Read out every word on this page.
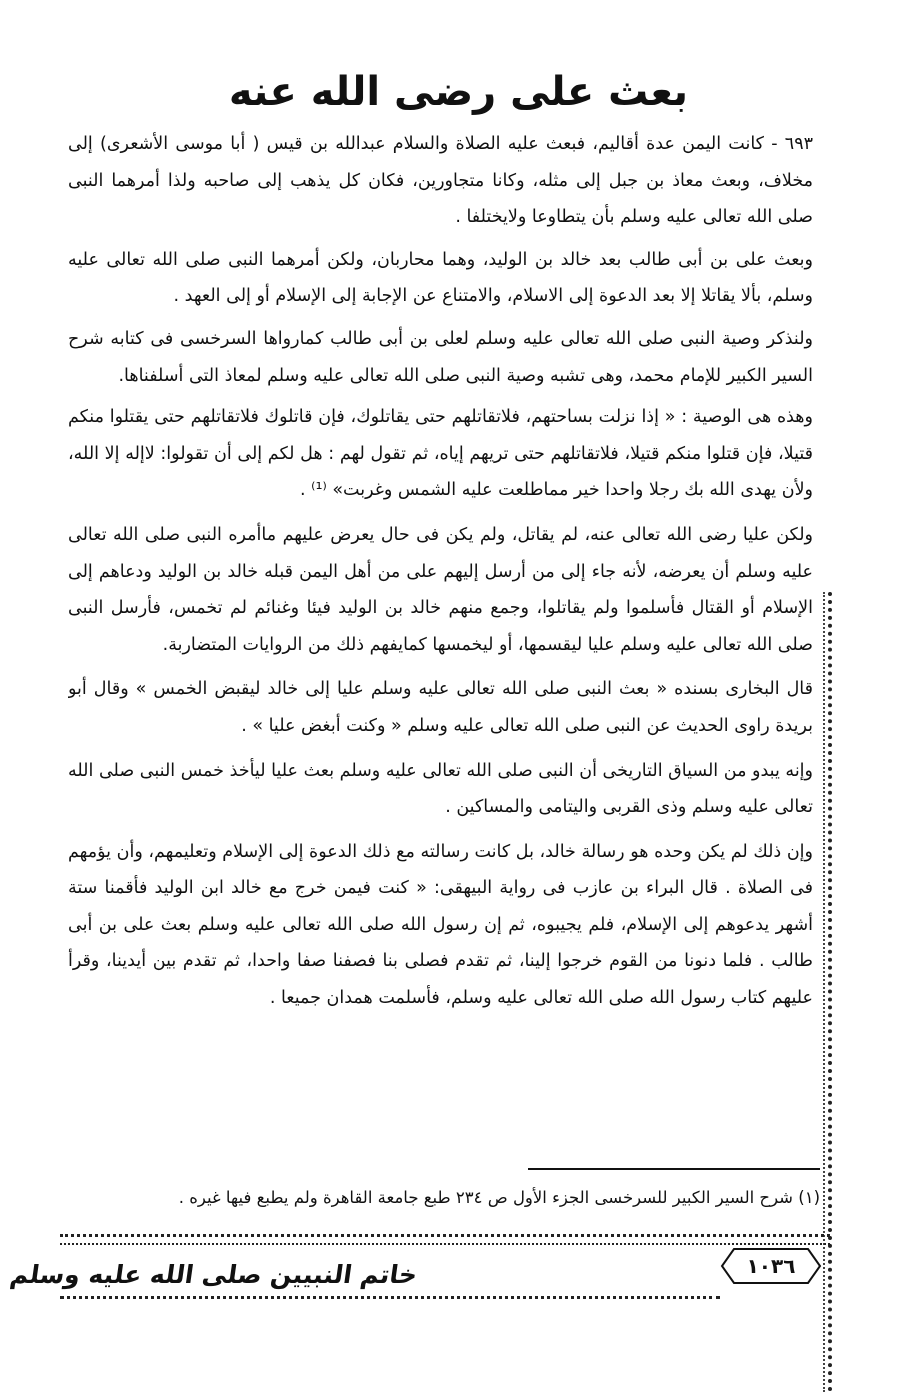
بعث على رضى الله عنه

٦٩٣ - كانت اليمن عدة أقاليم، فبعث عليه الصلاة والسلام عبدالله بن قيس ( أبا موسى الأشعرى) إلى مخلاف، وبعث معاذ بن جبل إلى مثله، وكانا متجاورين، فكان كل يذهب إلى صاحبه ولذا أمرهما النبى صلى الله تعالى عليه وسلم بأن يتطاوعا ولايختلفا .

وبعث على بن أبى طالب بعد خالد بن الوليد، وهما محاربان، ولكن أمرهما النبى صلى الله تعالى عليه وسلم، بألا يقاتلا إلا بعد الدعوة إلى الاسلام، والامتناع عن الإجابة إلى الإسلام أو إلى العهد .

ولنذكر وصية النبى صلى الله تعالى عليه وسلم لعلى بن أبى طالب كمارواها السرخسى فى كتابه شرح السير الكبير للإمام محمد، وهى تشبه وصية النبى صلى الله تعالى عليه وسلم لمعاذ التى أسلفناها.

وهذه هى الوصية : « إذا نزلت بساحتهم، فلاتقاتلهم حتى يقاتلوك، فإن قاتلوك فلاتقاتلهم حتى يقتلوا منكم قتيلا، فإن قتلوا منكم قتيلا، فلاتقاتلهم حتى تريهم إياه، ثم تقول لهم : هل لكم إلى أن تقولوا: لاإله إلا الله، ولأن يهدى الله بك رجلا واحدا خير مماطلعت عليه الشمس وغربت» ⁽¹⁾ .

ولكن عليا رضى الله تعالى عنه، لم يقاتل، ولم يكن فى حال يعرض عليهم ماأمره النبى صلى الله تعالى عليه وسلم أن يعرضه، لأنه جاء إلى من أرسل إليهم على من أهل اليمن قبله خالد بن الوليد ودعاهم إلى الإسلام أو القتال فأسلموا ولم يقاتلوا، وجمع منهم خالد بن الوليد فيئا وغنائم لم تخمس، فأرسل النبى صلى الله تعالى عليه وسلم عليا ليقسمها، أو ليخمسها كمايفهم ذلك من الروايات المتضاربة.

قال البخارى بسنده « بعث النبى صلى الله تعالى عليه وسلم عليا إلى خالد ليقبض الخمس » وقال أبو بريدة راوى الحديث عن النبى صلى الله تعالى عليه وسلم « وكنت أبغض عليا » .

وإنه يبدو من السياق التاريخى أن النبى صلى الله تعالى عليه وسلم بعث عليا ليأخذ خمس النبى صلى الله تعالى عليه وسلم وذى القربى واليتامى والمساكين .

وإن ذلك لم يكن وحده هو رسالة خالد، بل كانت رسالته مع ذلك الدعوة إلى الإسلام وتعليمهم، وأن يؤمهم فى الصلاة . قال البراء بن عازب فى رواية البيهقى: « كنت فيمن خرج مع خالد ابن الوليد فأقمنا ستة أشهر يدعوهم إلى الإسلام، فلم يجيبوه، ثم إن رسول الله صلى الله تعالى عليه وسلم بعث على بن أبى طالب . فلما دنونا من القوم خرجوا إلينا، ثم تقدم فصلى بنا فصفنا صفا واحدا، ثم تقدم بين أيدينا، وقرأ عليهم كتاب رسول الله صلى الله تعالى عليه وسلم، فأسلمت همدان جميعا .

(١) شرح السير الكبير للسرخسى الجزء الأول ص ٢٣٤ طبع جامعة القاهرة ولم يطبع فيها غيره .
١٠٣٦
خاتم النبيين صلى الله عليه وسلم
